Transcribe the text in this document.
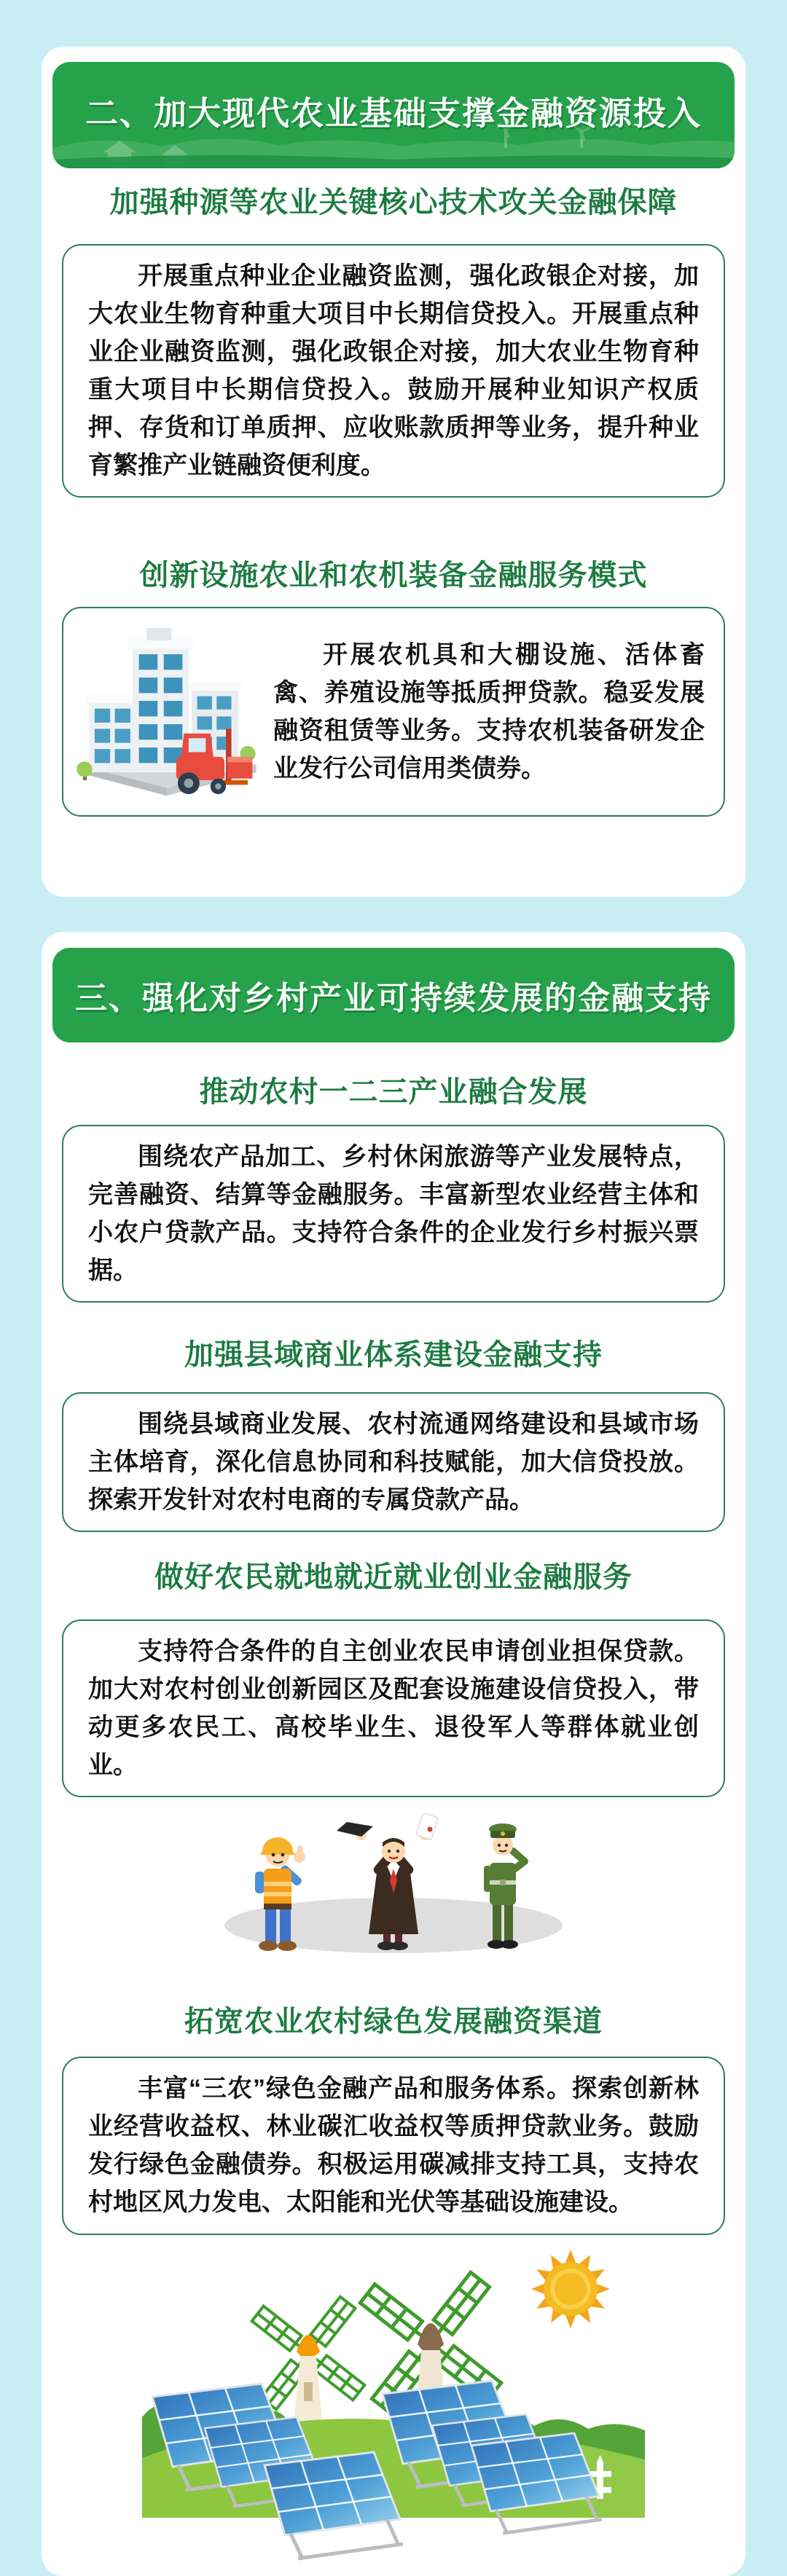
二、加大现代农业基础支撑金融资源投入
加强种源等农业关键核心技术攻关金融保障

开展重点种业企业融资监测，强化政银企对接，加大农业生物育种重大项目中长期信贷投入。开展重点种业企业融资监测，强化政银企对接，加大农业生物育种重大项目中长期信贷投入。鼓励开展种业知识产权质押、存货和订单质押、应收账款质押等业务，提升种业育繁推产业链融资便利度。

创新设施农业和农机装备金融服务模式

开展农机具和大棚设施、活体畜禽、养殖设施等抵质押贷款。稳妥发展融资租赁等业务。支持农机装备研发企业发行公司信用类债券。

三、强化对乡村产业可持续发展的金融支持
推动农村一二三产业融合发展

围绕农产品加工、乡村休闲旅游等产业发展特点，完善融资、结算等金融服务。丰富新型农业经营主体和小农户贷款产品。支持符合条件的企业发行乡村振兴票据。

加强县域商业体系建设金融支持

围绕县域商业发展、农村流通网络建设和县域市场主体培育，深化信息协同和科技赋能，加大信贷投放。探索开发针对农村电商的专属贷款产品。

做好农民就地就近就业创业金融服务

支持符合条件的自主创业农民申请创业担保贷款。加大对农村创业创新园区及配套设施建设信贷投入，带动更多农民工、高校毕业生、退役军人等群体就业创业。

拓宽农业农村绿色发展融资渠道

丰富“三农”绿色金融产品和服务体系。探索创新林业经营收益权、林业碳汇收益权等质押贷款业务。鼓励发行绿色金融债券。积极运用碳减排支持工具，支持农村地区风力发电、太阳能和光伏等基础设施建设。
